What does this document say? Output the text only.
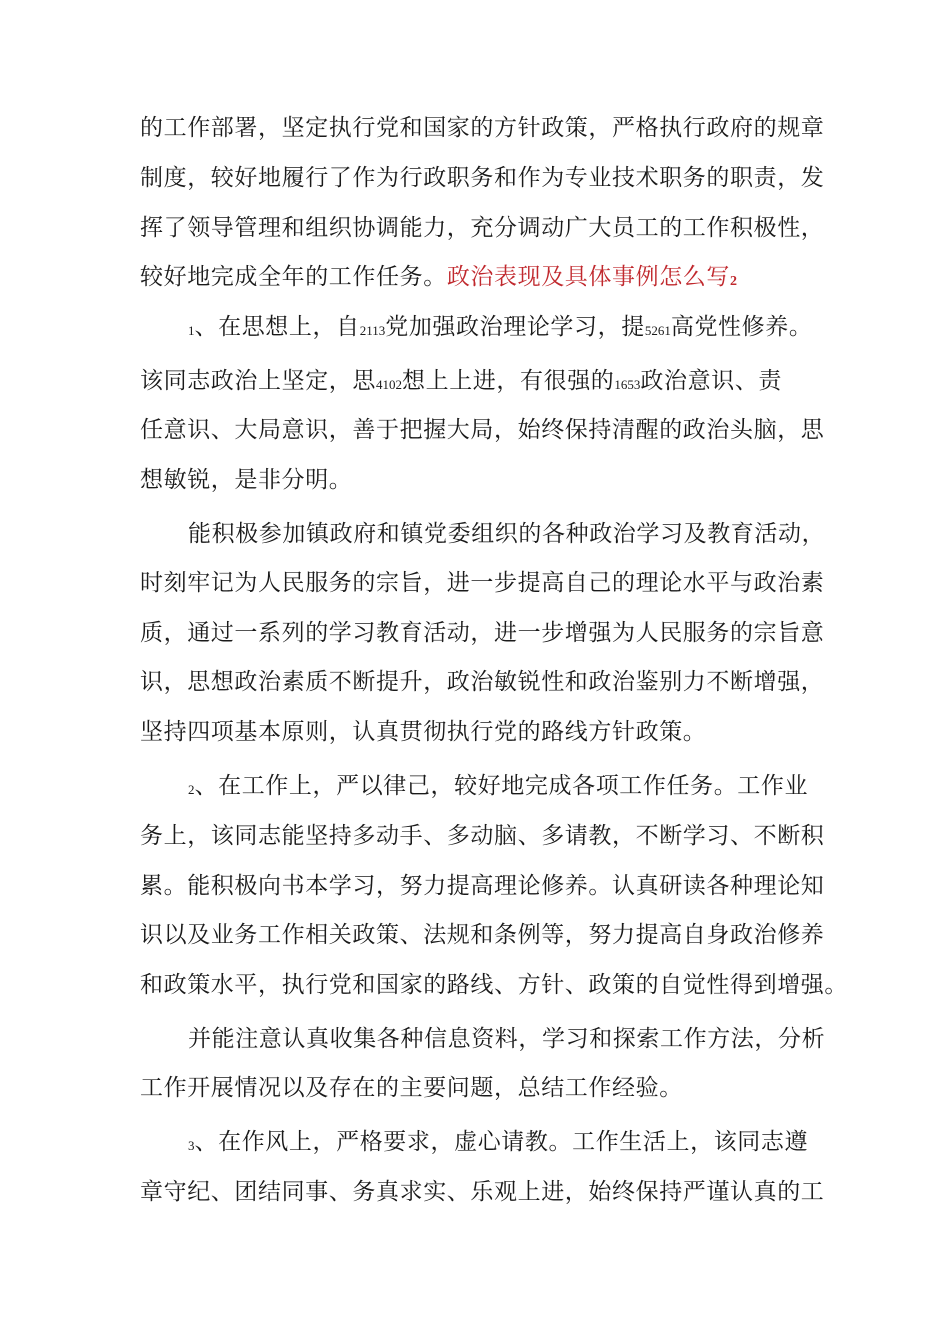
的工作部署，坚定执行党和国家的方针政策，严格执行政府的规章
制度，较好地履行了作为行政职务和作为专业技术职务的职责，发
挥了领导管理和组织协调能力，充分调动广大员工的工作积极性，
较好地完成全年的工作任务。政治表现及具体事例怎么写2
1、在思想上，自2113党加强政治理论学习，提5261高党性修养。
该同志政治上坚定，思4102想上上进，有很强的1653政治意识、责
任意识、大局意识，善于把握大局，始终保持清醒的政治头脑，思
想敏锐，是非分明。
能积极参加镇政府和镇党委组织的各种政治学习及教育活动，
时刻牢记为人民服务的宗旨，进一步提高自己的理论水平与政治素
质，通过一系列的学习教育活动，进一步增强为人民服务的宗旨意
识，思想政治素质不断提升，政治敏锐性和政治鉴别力不断增强，
坚持四项基本原则，认真贯彻执行党的路线方针政策。
2、在工作上，严以律己，较好地完成各项工作任务。工作业
务上，该同志能坚持多动手、多动脑、多请教，不断学习、不断积
累。能积极向书本学习，努力提高理论修养。认真研读各种理论知
识以及业务工作相关政策、法规和条例等，努力提高自身政治修养
和政策水平，执行党和国家的路线、方针、政策的自觉性得到增强。
并能注意认真收集各种信息资料，学习和探索工作方法，分析
工作开展情况以及存在的主要问题，总结工作经验。
3、在作风上，严格要求，虚心请教。工作生活上，该同志遵
章守纪、团结同事、务真求实、乐观上进，始终保持严谨认真的工
